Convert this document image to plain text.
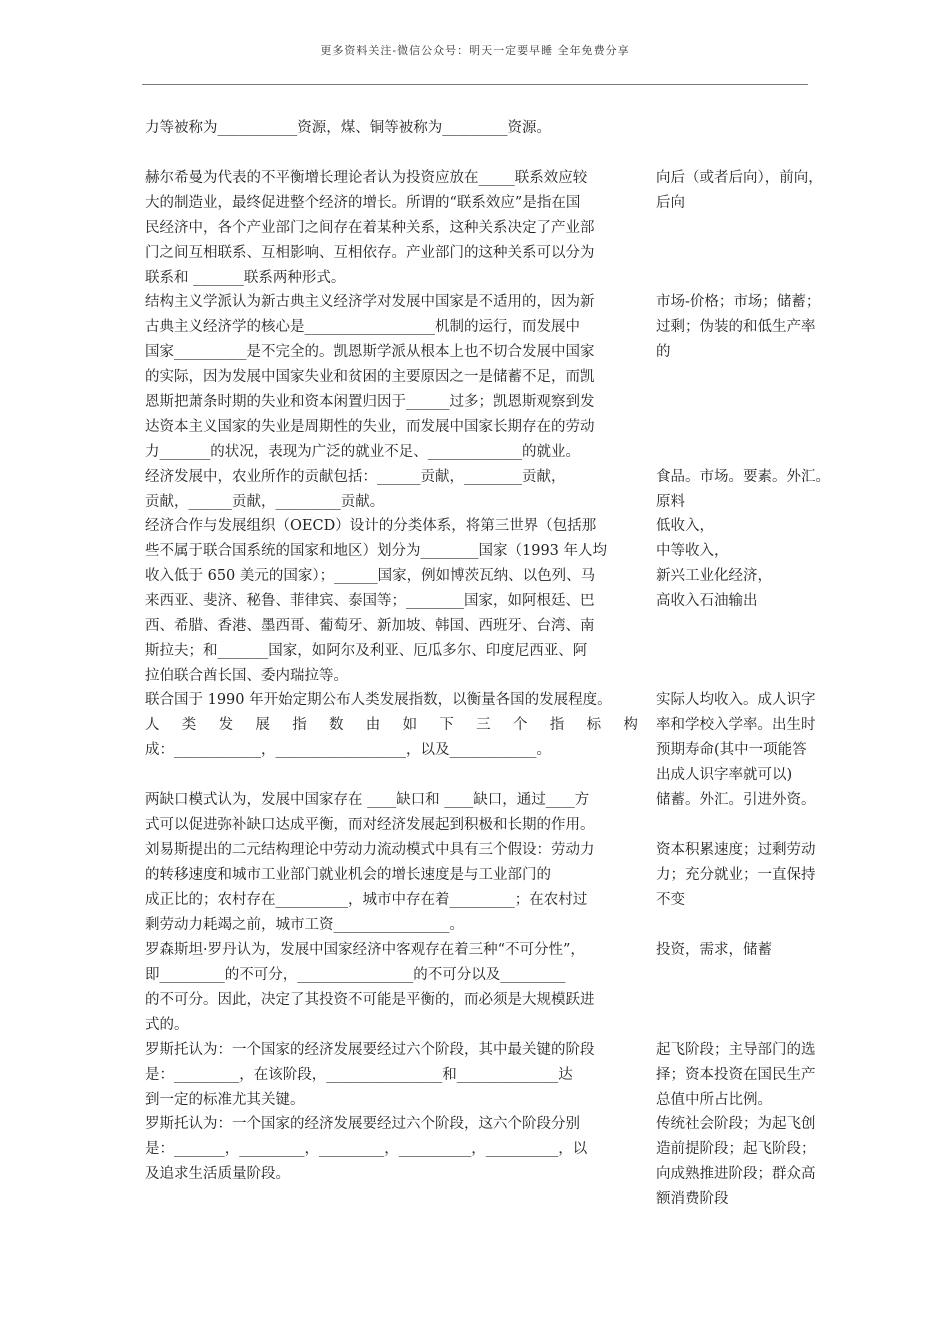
更多资料关注-微信公众号：明天一定要早睡 全年免费分享
力等被称为___________资源，煤、铜等被称为_________资源。
赫尔希曼为代表的不平衡增长理论者认为投资应放在_____联系效应较
大的制造业，最终促进整个经济的增长。所谓的“联系效应”是指在国
民经济中，各个产业部门之间存在着某种关系，这种关系决定了产业部
门之间互相联系、互相影响、互相依存。产业部门的这种关系可以分为
联系和 _______联系两种形式。
向后（或者后向），前向，
后向
结构主义学派认为新古典主义经济学对发展中国家是不适用的，因为新
古典主义经济学的核心是__________________机制的运行，而发展中
国家__________是不完全的。凯恩斯学派从根本上也不切合发展中国家
的实际，因为发展中国家失业和贫困的主要原因之一是储蓄不足，而凯
恩斯把萧条时期的失业和资本闲置归因于______过多；凯恩斯观察到发
达资本主义国家的失业是周期性的失业，而发展中国家长期存在的劳动
力_______的状况，表现为广泛的就业不足、_____________的就业。
市场-价格；市场；储蓄；
过剩；伪装的和低生产率
的
经济发展中，农业所作的贡献包括：______贡献，________贡献，
贡献，______贡献，_________贡献。
食品。市场。要素。外汇。
原料
经济合作与发展组织（OECD）设计的分类体系，将第三世界（包括那
些不属于联合国系统的国家和地区）划分为________国家（1993 年人均
收入低于 650 美元的国家）；______国家，例如博茨瓦纳、以色列、马
来西亚、斐济、秘鲁、菲律宾、泰国等；________国家，如阿根廷、巴
西、希腊、香港、墨西哥、葡萄牙、新加坡、韩国、西班牙、台湾、南
斯拉夫；和_______国家，如阿尔及利亚、厄瓜多尔、印度尼西亚、阿
拉伯联合酋长国、委内瑞拉等。
低收入，
中等收入，
新兴工业化经济，
高收入石油输出
联合国于 1990 年开始定期公布人类发展指数，以衡量各国的发展程度。
人 类 发 展 指 数 由 如 下 三 个 指 标 构
成：____________，__________________，以及____________。
实际人均收入。成人识字
率和学校入学率。出生时
预期寿命(其中一项能答
出成人识字率就可以)
两缺口模式认为，发展中国家存在 ____缺口和 ____缺口，通过____方
式可以促进弥补缺口达成平衡，而对经济发展起到积极和长期的作用。
储蓄。外汇。引进外资。
刘易斯提出的二元结构理论中劳动力流动模式中具有三个假设：劳动力
的转移速度和城市工业部门就业机会的增长速度是与工业部门的
成正比的；农村存在__________，城市中存在着_________；在农村过
剩劳动力耗竭之前，城市工资________________。
资本积累速度；过剩劳动
力；充分就业；一直保持
不变
罗森斯坦·罗丹认为，发展中国家经济中客观存在着三种“不可分性”，
即_________的不可分，________________的不可分以及_________
的不可分。因此，决定了其投资不可能是平衡的，而必须是大规模跃进
式的。
投资，需求，储蓄
罗斯托认为：一个国家的经济发展要经过六个阶段，其中最关键的阶段
是：_________，在该阶段，________________和______________达
到一定的标准尤其关键。
起飞阶段；主导部门的选
择；资本投资在国民生产
总值中所占比例。
罗斯托认为：一个国家的经济发展要经过六个阶段，这六个阶段分别
是：_______，_________，_________，__________，__________，以
及追求生活质量阶段。
传统社会阶段；为起飞创
造前提阶段；起飞阶段；
向成熟推进阶段；群众高
额消费阶段
